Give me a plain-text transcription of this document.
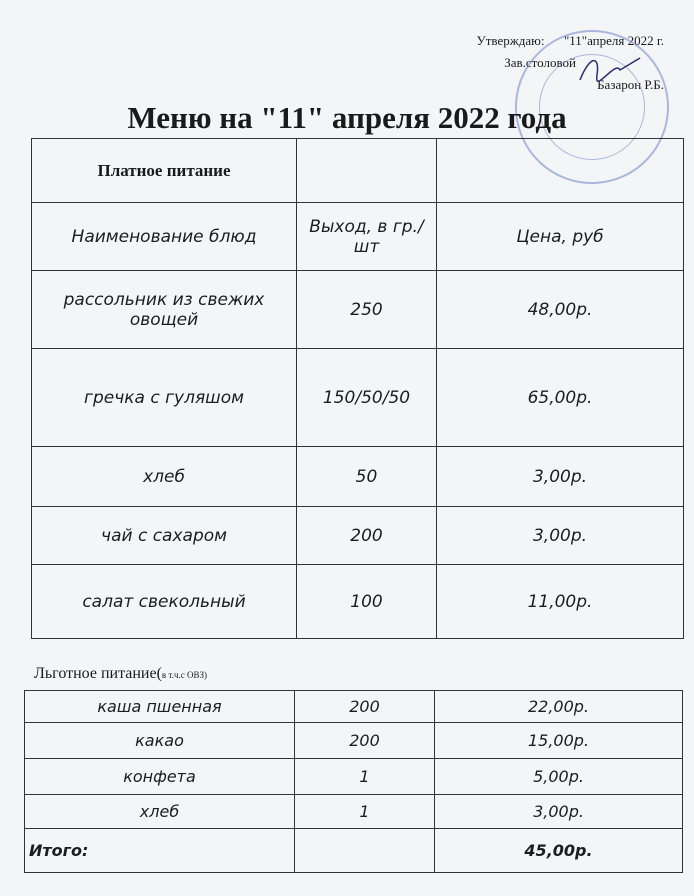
Утверждаю: "11"апреля 2022 г.
Зав.столовой
Базарон Р.Б.
Меню на "11" апреля 2022 года
Платное питание		
Наименование блюд	Выход, в гр./шт	Цена, руб
рассольник из свежих овощей	250	48,00р.
гречка с гуляшом	150/50/50	65,00р.
хлеб	50	3,00р.
чай с сахаром	200	3,00р.
салат свекольный	100	11,00р.
Льготное питание(в т.ч.с ОВЗ)
каша пшенная	200	22,00р.
какао	200	15,00р.
конфета	1	5,00р.
хлеб	1	3,00р.
Итого:		45,00р.
